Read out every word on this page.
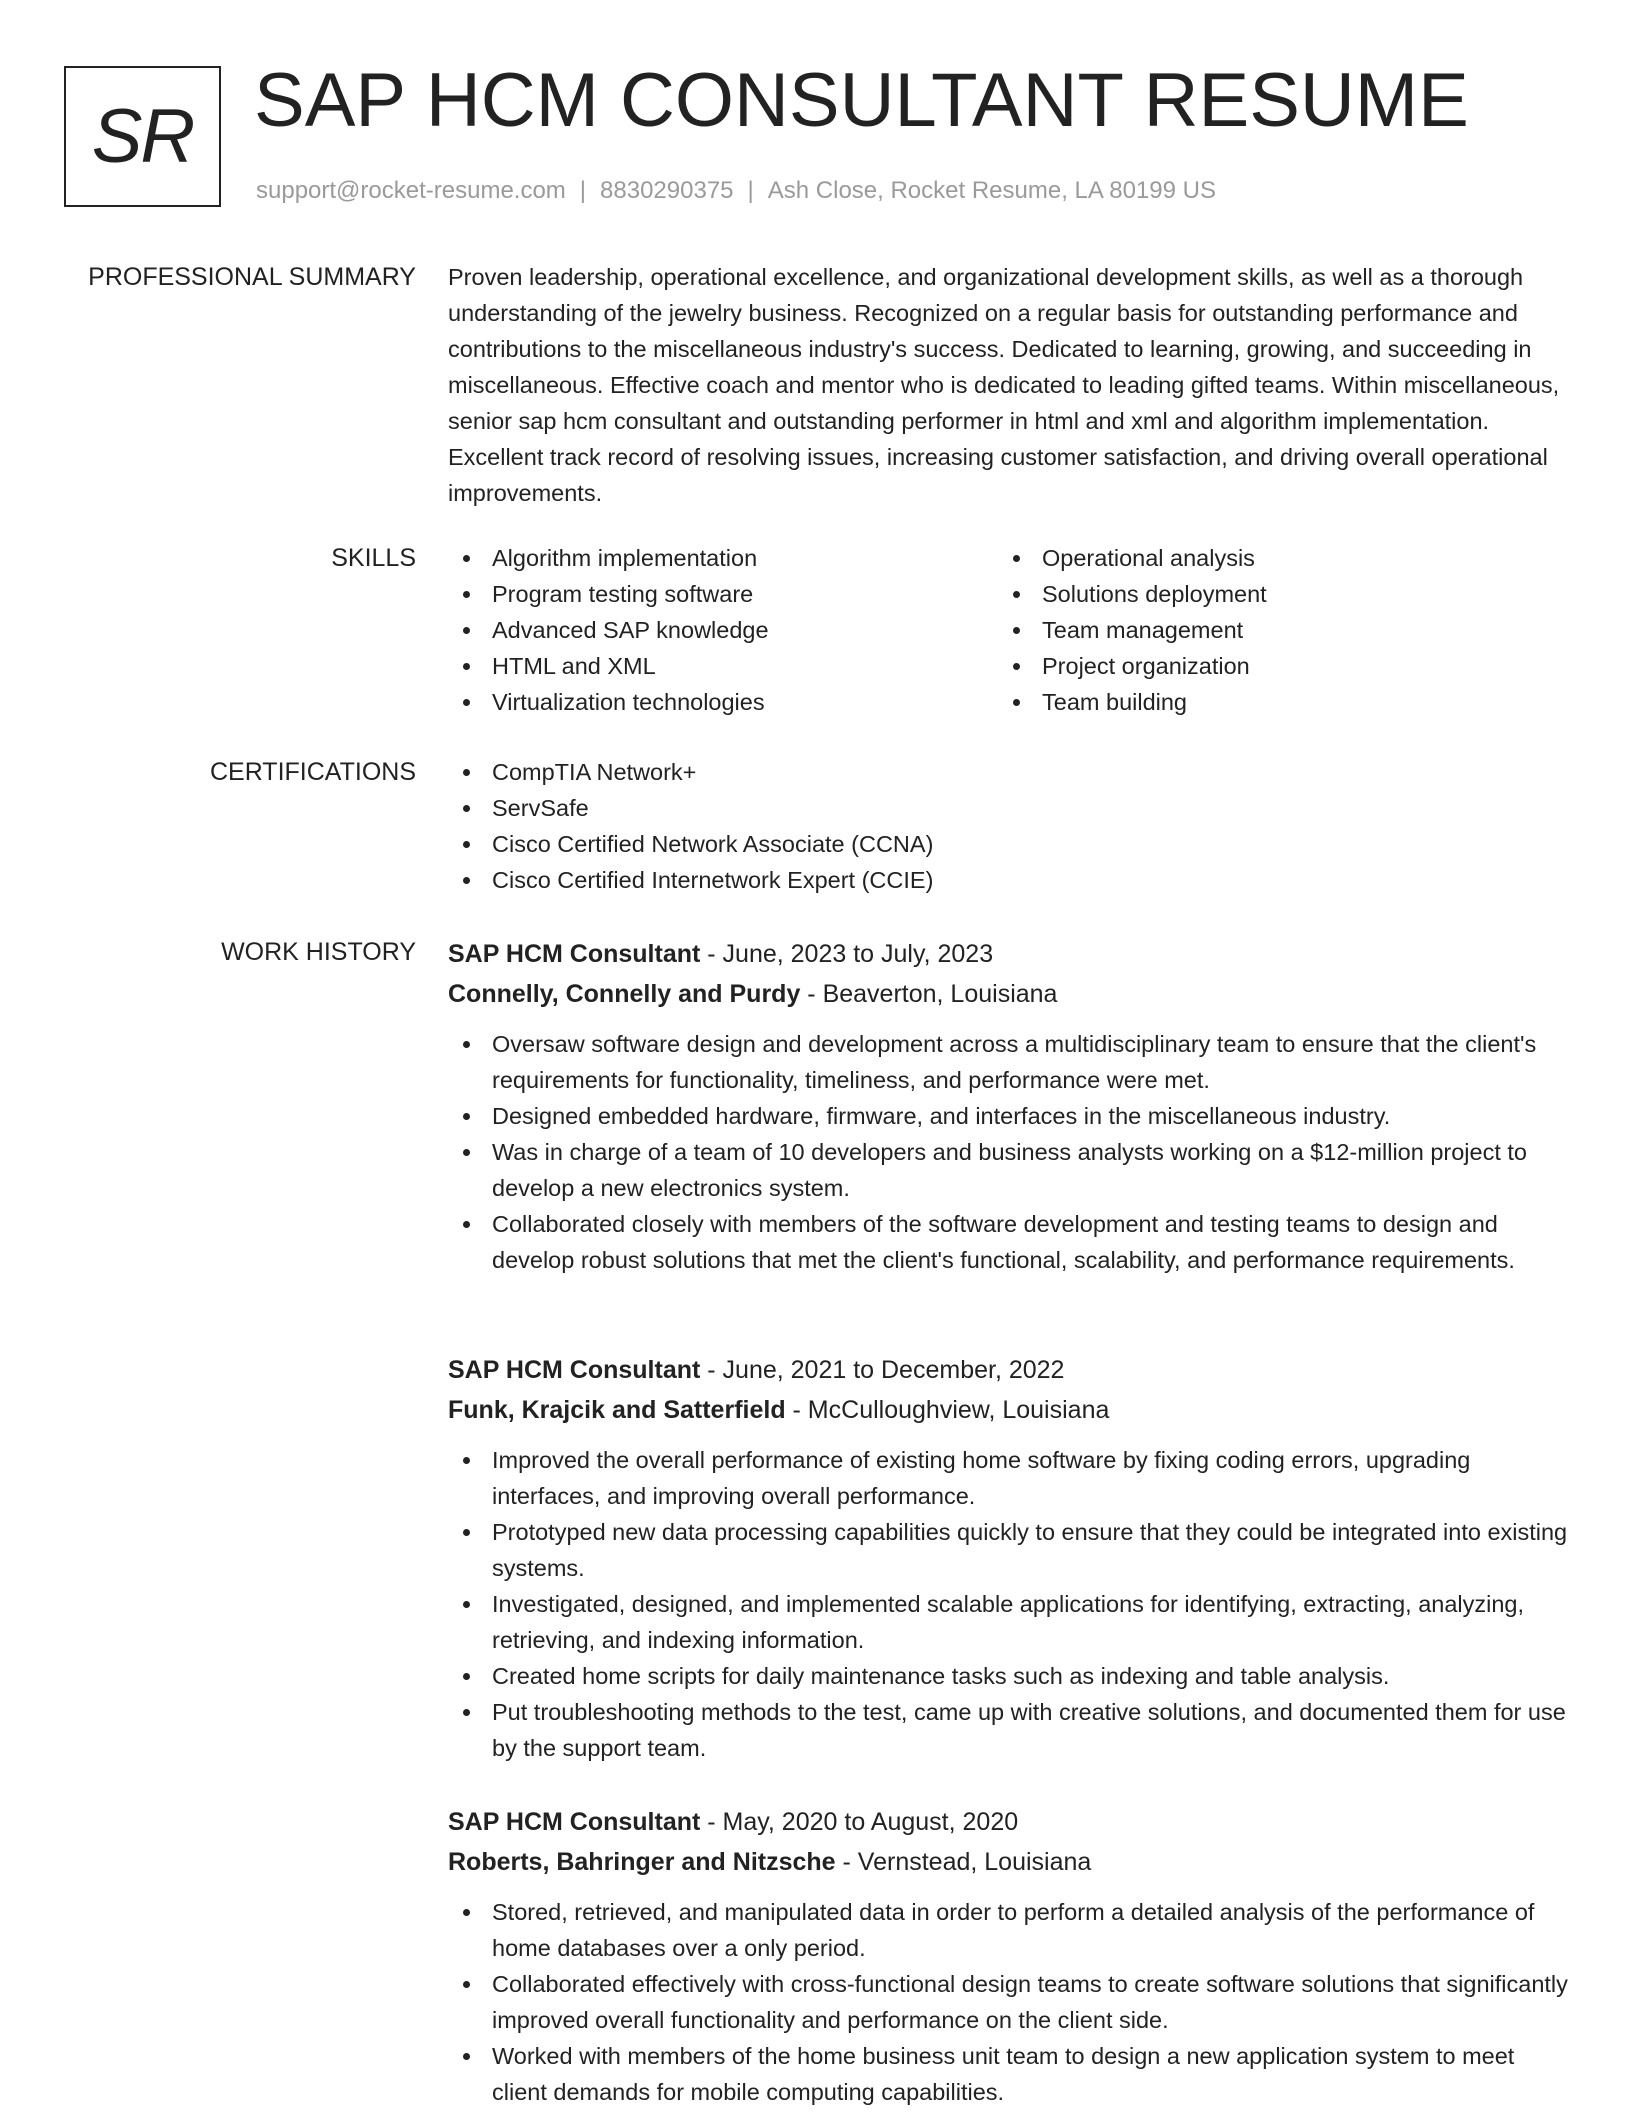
SR SAP HCM CONSULTANT RESUME
support@rocket-resume.com | 8830290375 | Ash Close, Rocket Resume, LA 80199 US
PROFESSIONAL SUMMARY Proven leadership, operational excellence, and organizational development skills, as well as a thorough understanding of the jewelry business. Recognized on a regular basis for outstanding performance and contributions to the miscellaneous industry's success. Dedicated to learning, growing, and succeeding in miscellaneous. Effective coach and mentor who is dedicated to leading gifted teams. Within miscellaneous, senior sap hcm consultant and outstanding performer in html and xml and algorithm implementation. Excellent track record of resolving issues, increasing customer satisfaction, and driving overall operational improvements.

SKILLS	Algorithm implementation
Program testing software
Advanced SAP knowledge
HTML and XML
Virtualization technologies
Operational analysis
Solutions deployment
Team management
Project organization
Team building
CERTIFICATIONS	CompTIA Network+
ServSafe
Cisco Certified Network Associate (CCNA)
Cisco Certified Internetwork Expert (CCIE)
WORK HISTORY SAP HCM Consultant - June, 2023 to July, 2023
Connelly, Connelly and Purdy - Beaverton, Louisiana
Oversaw software design and development across a multidisciplinary team to ensure that the client's requirements for functionality, timeliness, and performance were met.
Designed embedded hardware, firmware, and interfaces in the miscellaneous industry.
Was in charge of a team of 10 developers and business analysts working on a $12-million project to develop a new electronics system.
Collaborated closely with members of the software development and testing teams to design and develop robust solutions that met the client's functional, scalability, and performance requirements.
SAP HCM Consultant - June, 2021 to December, 2022
Funk, Krajcik and Satterfield - McCulloughview, Louisiana
Improved the overall performance of existing home software by fixing coding errors, upgrading interfaces, and improving overall performance.
Prototyped new data processing capabilities quickly to ensure that they could be integrated into existing systems.
Investigated, designed, and implemented scalable applications for identifying, extracting, analyzing, retrieving, and indexing information.
Created home scripts for daily maintenance tasks such as indexing and table analysis.
Put troubleshooting methods to the test, came up with creative solutions, and documented them for use by the support team.
SAP HCM Consultant - May, 2020 to August, 2020
Roberts, Bahringer and Nitzsche - Vernstead, Louisiana
Stored, retrieved, and manipulated data in order to perform a detailed analysis of the performance of home databases over a only period.
Collaborated effectively with cross-functional design teams to create software solutions that significantly improved overall functionality and performance on the client side.
Worked with members of the home business unit team to design a new application system to meet client demands for mobile computing capabilities.
